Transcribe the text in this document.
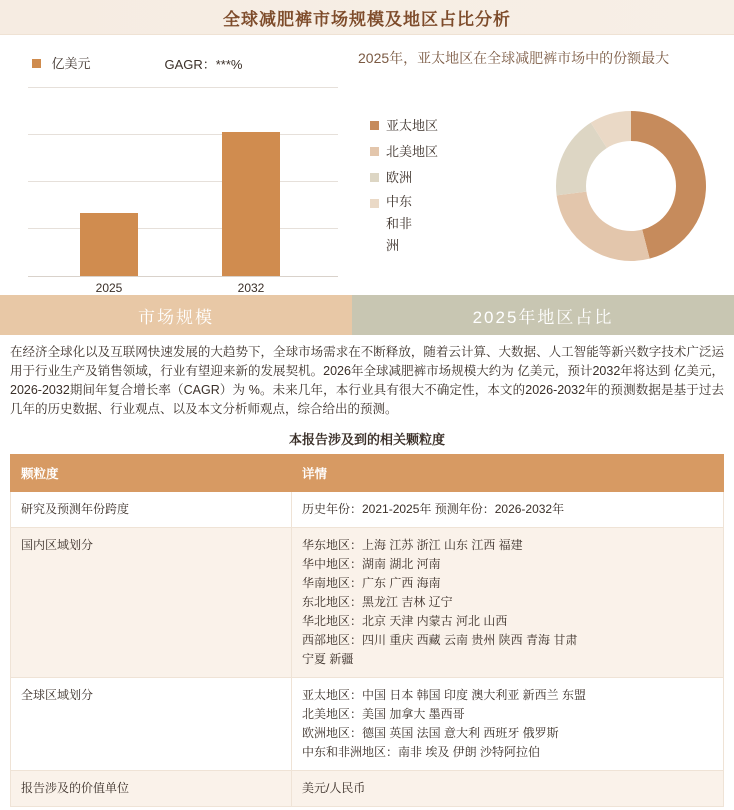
全球减肥裤市场规模及地区占比分析
亿美元	GAGR：***%
2025	2032
2025年，亚太地区在全球减肥裤市场中的份额最大
亚太地区
北美地区
欧洲
中东和非洲
市场规模	2025年地区占比
在经济全球化以及互联网快速发展的大趋势下，全球市场需求在不断释放，随着云计算、大数据、人工智能等新兴数字技术广泛运用于行业生产及销售领域，行业有望迎来新的发展契机。2026年全球减肥裤市场规模大约为 亿美元，预计2032年将达到 亿美元，2026-2032期间年复合增长率（CAGR）为 %。未来几年，本行业具有很大不确定性，本文的2026-2032年的预测数据是基于过去几年的历史数据、行业观点、以及本文分析师观点，综合给出的预测。
本报告涉及到的相关颗粒度
颗粒度	详情
研究及预测年份跨度	历史年份：2021-2025年 预测年份：2026-2032年

国内区域划分	华东地区：上海 江苏 浙江 山东 江西 福建
华中地区：湖南 湖北 河南
华南地区：广东 广西 海南
东北地区：黑龙江 吉林 辽宁
华北地区：北京 天津 内蒙古 河北 山西
西部地区：四川 重庆 西藏 云南 贵州 陕西 青海 甘肃
宁夏 新疆

全球区域划分	亚太地区：中国 日本 韩国 印度 澳大利亚 新西兰 东盟
北美地区：美国 加拿大 墨西哥
欧洲地区：德国 英国 法国 意大利 西班牙 俄罗斯
中东和非洲地区：南非 埃及 伊朗 沙特阿拉伯

报告涉及的价值单位	美元/人民币
